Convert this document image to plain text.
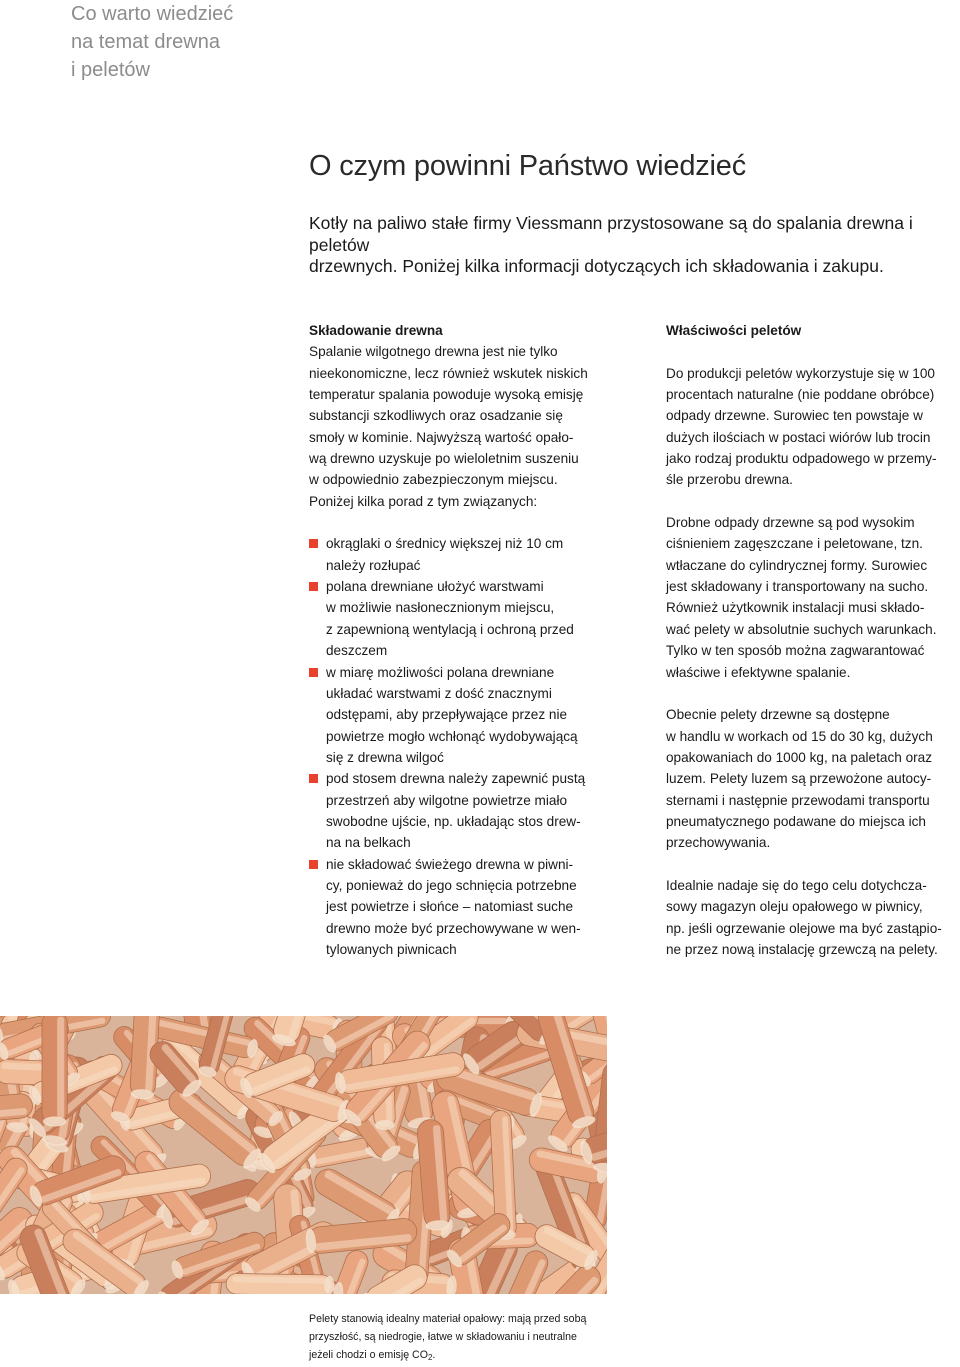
Co warto wiedzieć
na temat drewna
i peletów
O czym powinni Państwo wiedzieć

Kotły na paliwo stałe firmy Viessmann przystosowane są do spalania drewna i peletów
drzewnych. Poniżej kilka informacji dotyczących ich składowania i zakupu.

Składowanie drewna

Spalanie wilgotnego drewna jest nie tylko
nieekonomiczne, lecz również wskutek niskich
temperatur spalania powoduje wysoką emisję
substancji szkodliwych oraz osadzanie się
smoły w kominie. Najwyższą wartość opało-
wą drewno uzyskuje po wieloletnim suszeniu
w odpowiednio zabezpieczonym miejscu.
Poniżej kilka porad z tym związanych:

okrąglaki o średnicy większej niż 10 cm
należy rozłupać
polana drewniane ułożyć warstwami
w możliwie nasłonecznionym miejscu,
z zapewnioną wentylacją i ochroną przed
deszczem
w miarę możliwości polana drewniane
układać warstwami z dość znacznymi
odstępami, aby przepływające przez nie
powietrze mogło wchłonąć wydobywającą
się z drewna wilgoć
pod stosem drewna należy zapewnić pustą
przestrzeń aby wilgotne powietrze miało
swobodne ujście, np. układając stos drew-
na na belkach
nie składować świeżego drewna w piwni-
cy, ponieważ do jego schnięcia potrzebne
jest powietrze i słońce – natomiast suche
drewno może być przechowywane w wen-
tylowanych piwnicach

Właściwości peletów

Do produkcji peletów wykorzystuje się w 100
procentach naturalne (nie poddane obróbce)
odpady drzewne. Surowiec ten powstaje w
dużych ilościach w postaci wiórów lub trocin
jako rodzaj produktu odpadowego w przemy-
śle przerobu drewna.

Drobne odpady drzewne są pod wysokim
ciśnieniem zagęszczane i peletowane, tzn.
wtłaczane do cylindrycznej formy. Surowiec
jest składowany i transportowany na sucho.
Również użytkownik instalacji musi składo-
wać pelety w absolutnie suchych warunkach.
Tylko w ten sposób można zagwarantować
właściwe i efektywne spalanie.

Obecnie pelety drzewne są dostępne
w handlu w workach od 15 do 30 kg, dużych
opakowaniach do 1000 kg, na paletach oraz
luzem. Pelety luzem są przewożone autocy-
sternami i następnie przewodami transportu
pneumatycznego podawane do miejsca ich
przechowywania.

Idealnie nadaje się do tego celu dotychcza-
sowy magazyn oleju opałowego w piwnicy,
np. jeśli ogrzewanie olejowe ma być zastąpio-
ne przez nową instalację grzewczą na pelety.

Pelety stanowią idealny materiał opałowy: mają przed sobą
przyszłość, są niedrogie, łatwe w składowaniu i neutralne
jeżeli chodzi o emisję $CO_2$.
